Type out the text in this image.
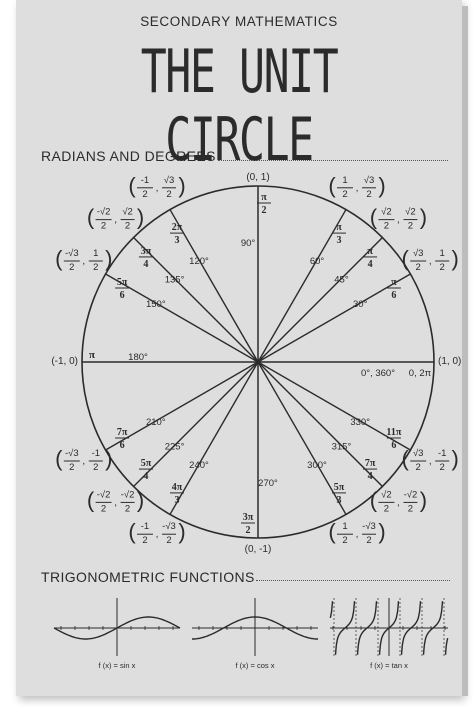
SECONDARY MATHEMATICS
THE UNIT CIRCLE
RADIANS AND DEGREES
TRIGONOMETRIC FUNCTIONS
0°, 360° 0, 2π
(1, 0)
30°
π
6
( √3
2
,
1
2 )
45°
π
4
( √2
2
,
√2
2 )
60°
π
3
( 1
2
,
√3
2 )
90°
π
2
(0, 1)
120°
2π
3
( -1
2
,
√3
2 )
135°
3π
4
( -√2
2
,
√2
2 )
150°
5π
6
( -√3
2
,
1
2 )
180°
π
(-1, 0)
210°
7π
6
( -√3
2
,
-1
2 )	225°
5π
4
( -√2
2
,
-√2
2 )
240°
4π
3
( -1
2
,
-√3
2 )
270°
3π
2
(0, -1)
300°
5π
3
( 1
2
,
-√3
2 )
315°
7π
4
( √2
2
,
-√2
2 )
330°
11π
6
( √3
2
,
-1
2 )
f (x) = sin x	f (x) = cos x	f (x) = tan x
